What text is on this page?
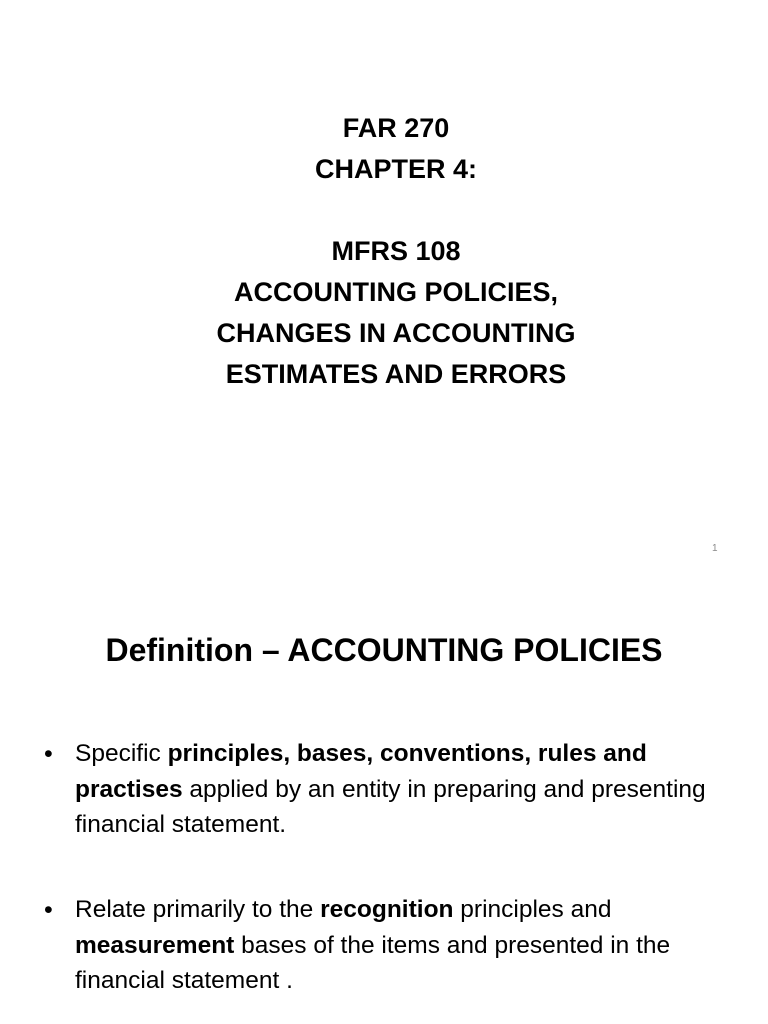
FAR 270
CHAPTER 4:
MFRS 108
ACCOUNTING POLICIES,
CHANGES IN ACCOUNTING
ESTIMATES AND ERRORS
1
Definition – ACCOUNTING POLICIES
• Specific principles, bases, conventions, rules and practises applied by an entity in preparing and presenting financial statement.
• Relate primarily to the recognition principles and measurement bases of the items and presented in the financial statement .
